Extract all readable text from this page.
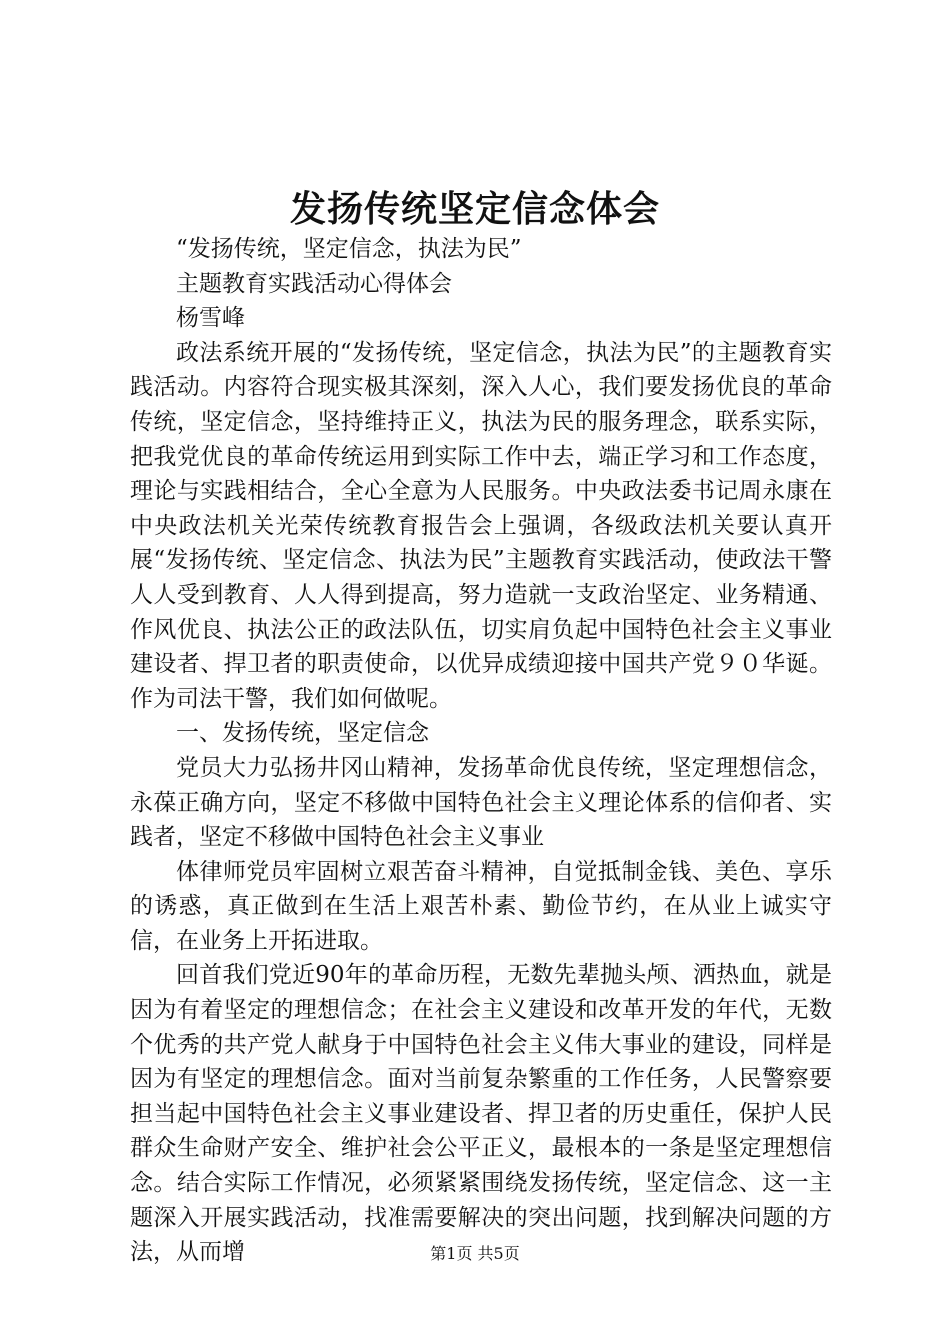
发扬传统坚定信念体会

“发扬传统，坚定信念，执法为民”

主题教育实践活动心得体会

杨雪峰

政法系统开展的“发扬传统，坚定信念，执法为民”的主题教育实践活动。内容符合现实极其深刻，深入人心，我们要发扬优良的革命传统，坚定信念，坚持维持正义，执法为民的服务理念，联系实际，把我党优良的革命传统运用到实际工作中去，端正学习和工作态度，理论与实践相结合，全心全意为人民服务。中央政法委书记周永康在中央政法机关光荣传统教育报告会上强调，各级政法机关要认真开展“发扬传统、坚定信念、执法为民”主题教育实践活动，使政法干警人人受到教育、人人得到提高，努力造就一支政治坚定、业务精通、作风优良、执法公正的政法队伍，切实肩负起中国特色社会主义事业建设者、捍卫者的职责使命，以优异成绩迎接中国共产党９０华诞。作为司法干警，我们如何做呢。

一、发扬传统，坚定信念

党员大力弘扬井冈山精神，发扬革命优良传统，坚定理想信念，永葆正确方向，坚定不移做中国特色社会主义理论体系的信仰者、实践者，坚定不移做中国特色社会主义事业

体律师党员牢固树立艰苦奋斗精神，自觉抵制金钱、美色、享乐的诱惑，真正做到在生活上艰苦朴素、勤俭节约，在从业上诚实守信，在业务上开拓进取。

回首我们党近90年的革命历程，无数先辈抛头颅、洒热血，就是因为有着坚定的理想信念；在社会主义建设和改革开发的年代，无数个优秀的共产党人献身于中国特色社会主义伟大事业的建设，同样是因为有坚定的理想信念。面对当前复杂繁重的工作任务，人民警察要担当起中国特色社会主义事业建设者、捍卫者的历史重任，保护人民群众生命财产安全、维护社会公平正义，最根本的一条是坚定理想信念。结合实际工作情况，必须紧紧围绕发扬传统，坚定信念、这一主题深入开展实践活动，找准需要解决的突出问题，找到解决问题的方法，从而增	第1页 共5页
